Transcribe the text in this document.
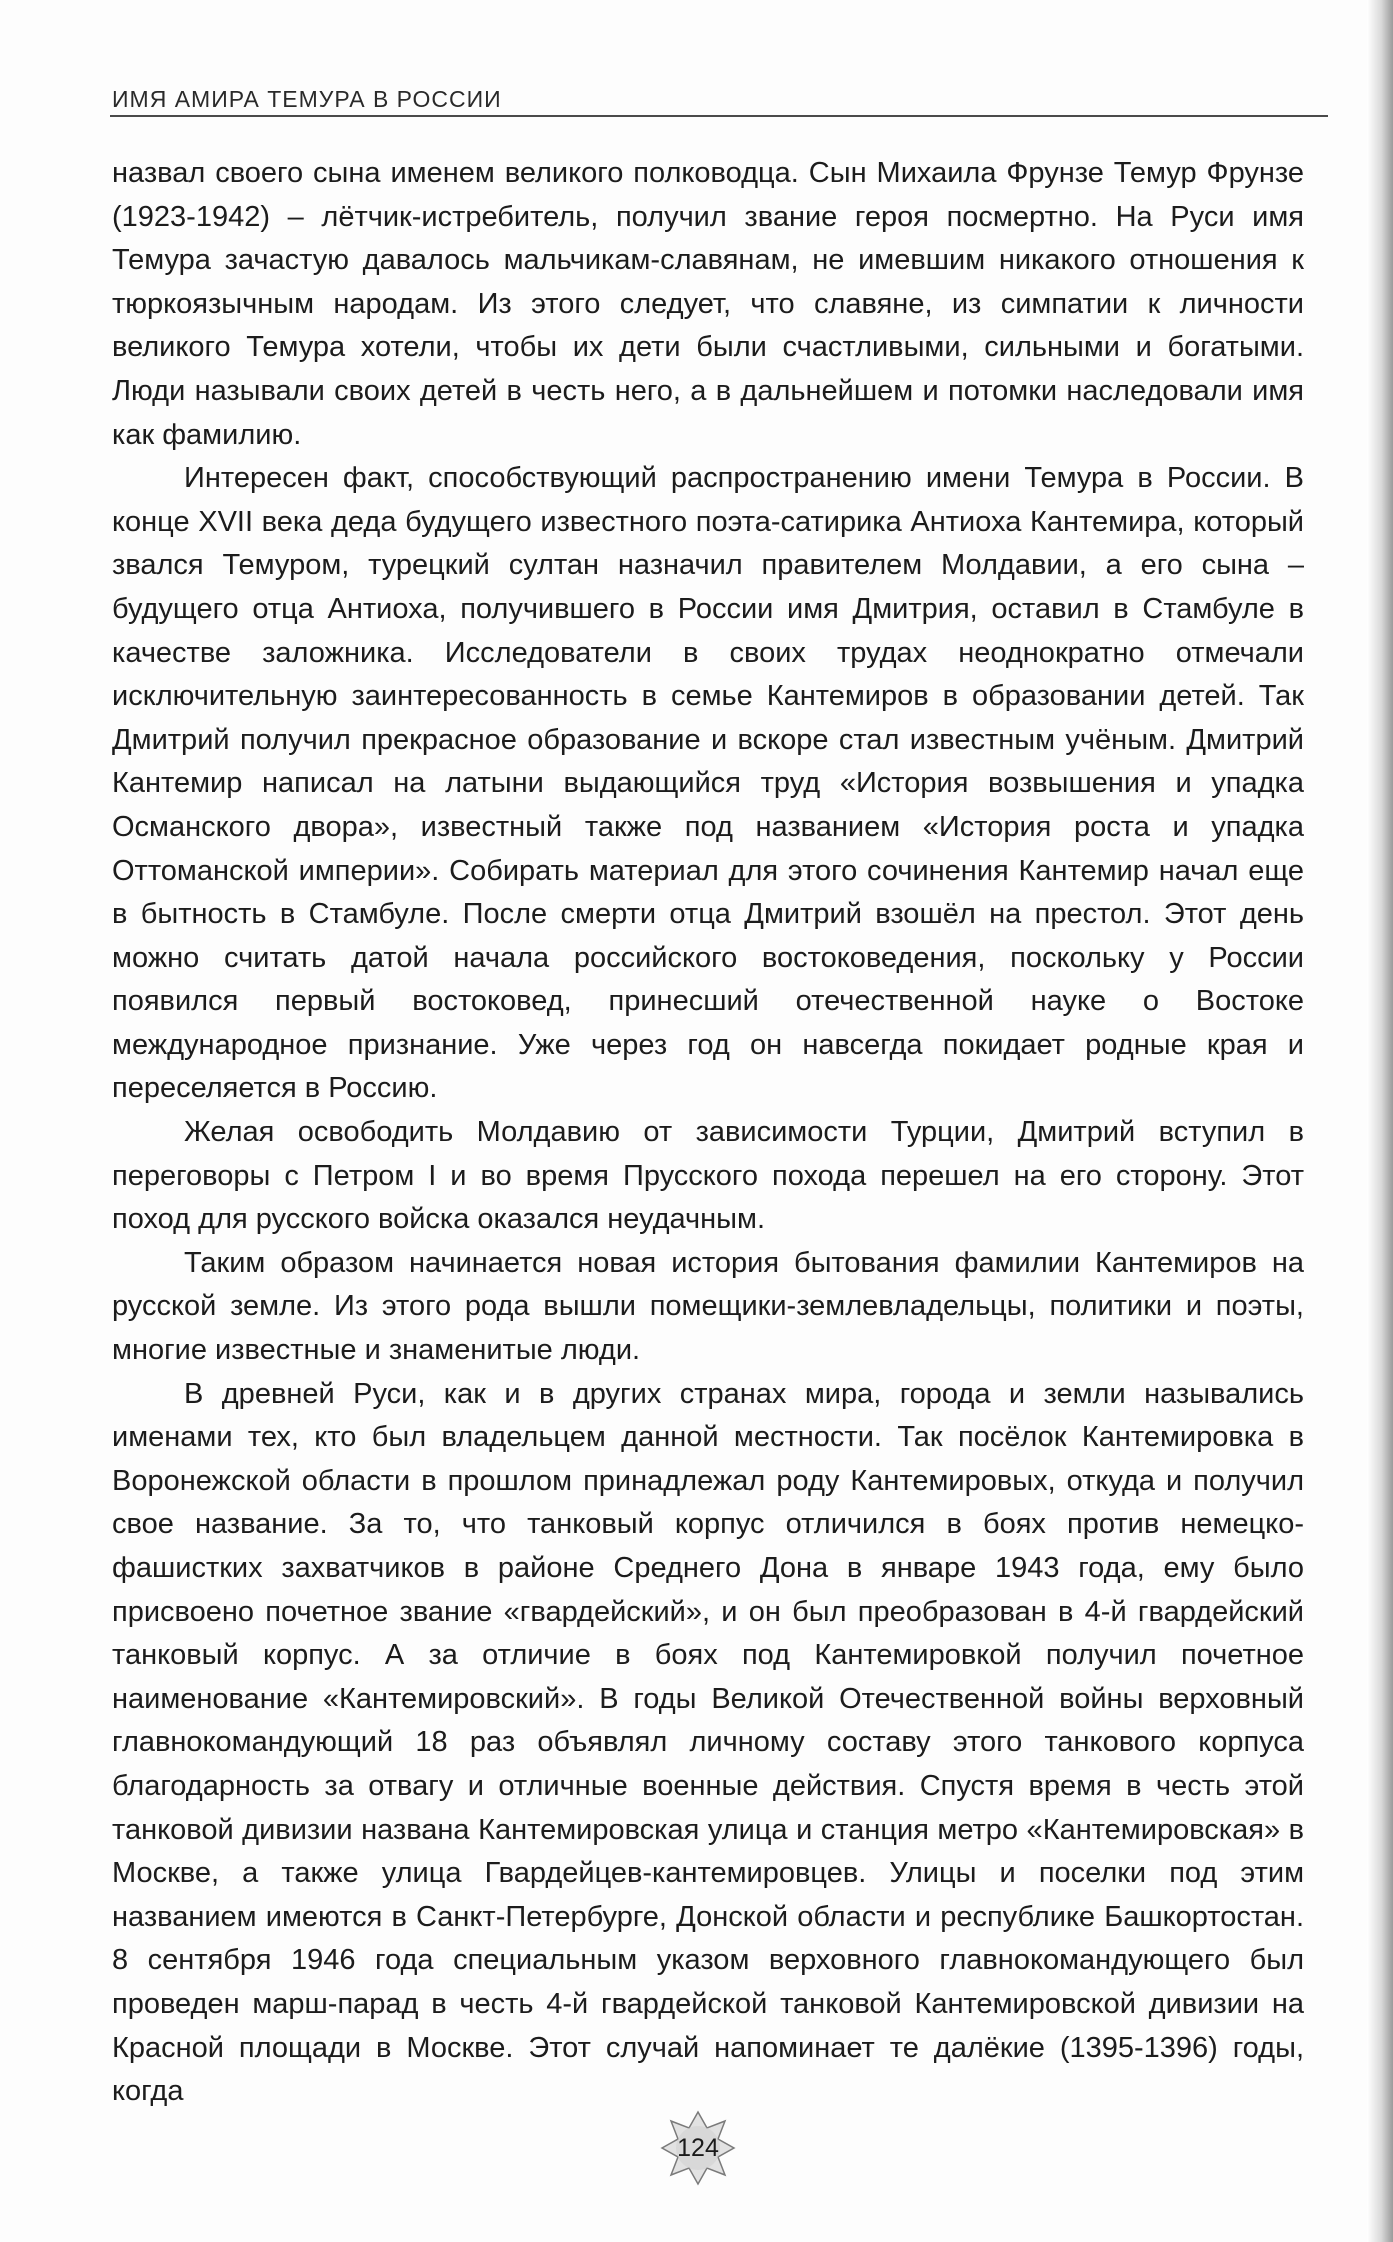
ИМЯ АМИРА ТЕМУРА В РОССИИ

назвал своего сына именем великого полководца. Сын Михаила Фрунзе Темур Фрунзе (1923-1942) – лётчик-истребитель, получил звание героя посмертно. На Руси имя Темура зачастую давалось мальчикам-славянам, не имевшим никакого отношения к тюркоязычным народам. Из этого следует, что славяне, из симпатии к личности великого Темура хотели, чтобы их дети были счастливыми, сильными и богатыми. Люди называли своих детей в честь него, а в дальнейшем и потомки наследовали имя как фамилию.

Интересен факт, способствующий распространению имени Темура в России. В конце XVII века деда будущего известного поэта-сатирика Антиоха Кантемира, который звался Темуром, турецкий султан назначил правителем Молдавии, а его сына – будущего отца Антиоха, получившего в России имя Дмитрия, оставил в Стамбуле в качестве заложника. Исследователи в своих трудах неоднократно отмечали исключительную заинтересованность в семье Кантемиров в образовании детей. Так Дмитрий получил прекрасное образование и вскоре стал известным учёным. Дмитрий Кантемир написал на латыни выдающийся труд «История возвышения и упадка Османского двора», известный также под названием «История роста и упадка Оттоманской империи». Собирать материал для этого сочинения Кантемир начал еще в бытность в Стамбуле. После смерти отца Дмитрий взошёл на престол. Этот день можно считать датой начала российского востоковедения, поскольку у России появился первый востоковед, принесший отечественной науке о Востоке международное признание. Уже через год он навсегда покидает родные края и переселяется в Россию.

Желая освободить Молдавию от зависимости Турции, Дмитрий вступил в переговоры с Петром I и во время Прусского похода перешел на его сторону. Этот поход для русского войска оказался неудачным.

Таким образом начинается новая история бытования фамилии Кантемиров на русской земле. Из этого рода вышли помещики-землевладельцы, политики и поэты, многие известные и знаменитые люди.

В древней Руси, как и в других странах мира, города и земли назывались именами тех, кто был владельцем данной местности. Так посёлок Кантемировка в Воронежской области в прошлом принадлежал роду Кантемировых, откуда и получил свое название. За то, что танковый корпус отличился в боях против немецко-фашистких захватчиков в районе Среднего Дона в январе 1943 года, ему было присвоено почетное звание «гвардейский», и он был преобразован в 4-й гвардейский танковый корпус. А за отличие в боях под Кантемировкой получил почетное наименование «Кантемировский». В годы Великой Отечественной войны верховный главнокомандующий 18 раз объявлял личному составу этого танкового корпуса благодарность за отвагу и отличные военные действия. Спустя время в честь этой танковой дивизии названа Кантемировская улица и станция метро «Кантемировская» в Москве, а также улица Гвардейцев-кантемировцев. Улицы и поселки под этим названием имеются в Санкт-Петербурге, Донской области и республике Башкортостан. 8 сентября 1946 года специальным указом верховного главнокомандующего был проведен марш-парад в честь 4-й гвардейской танковой Кантемировской дивизии на Красной площади в Москве. Этот случай напоминает те далёкие (1395-1396) годы, когда

124
